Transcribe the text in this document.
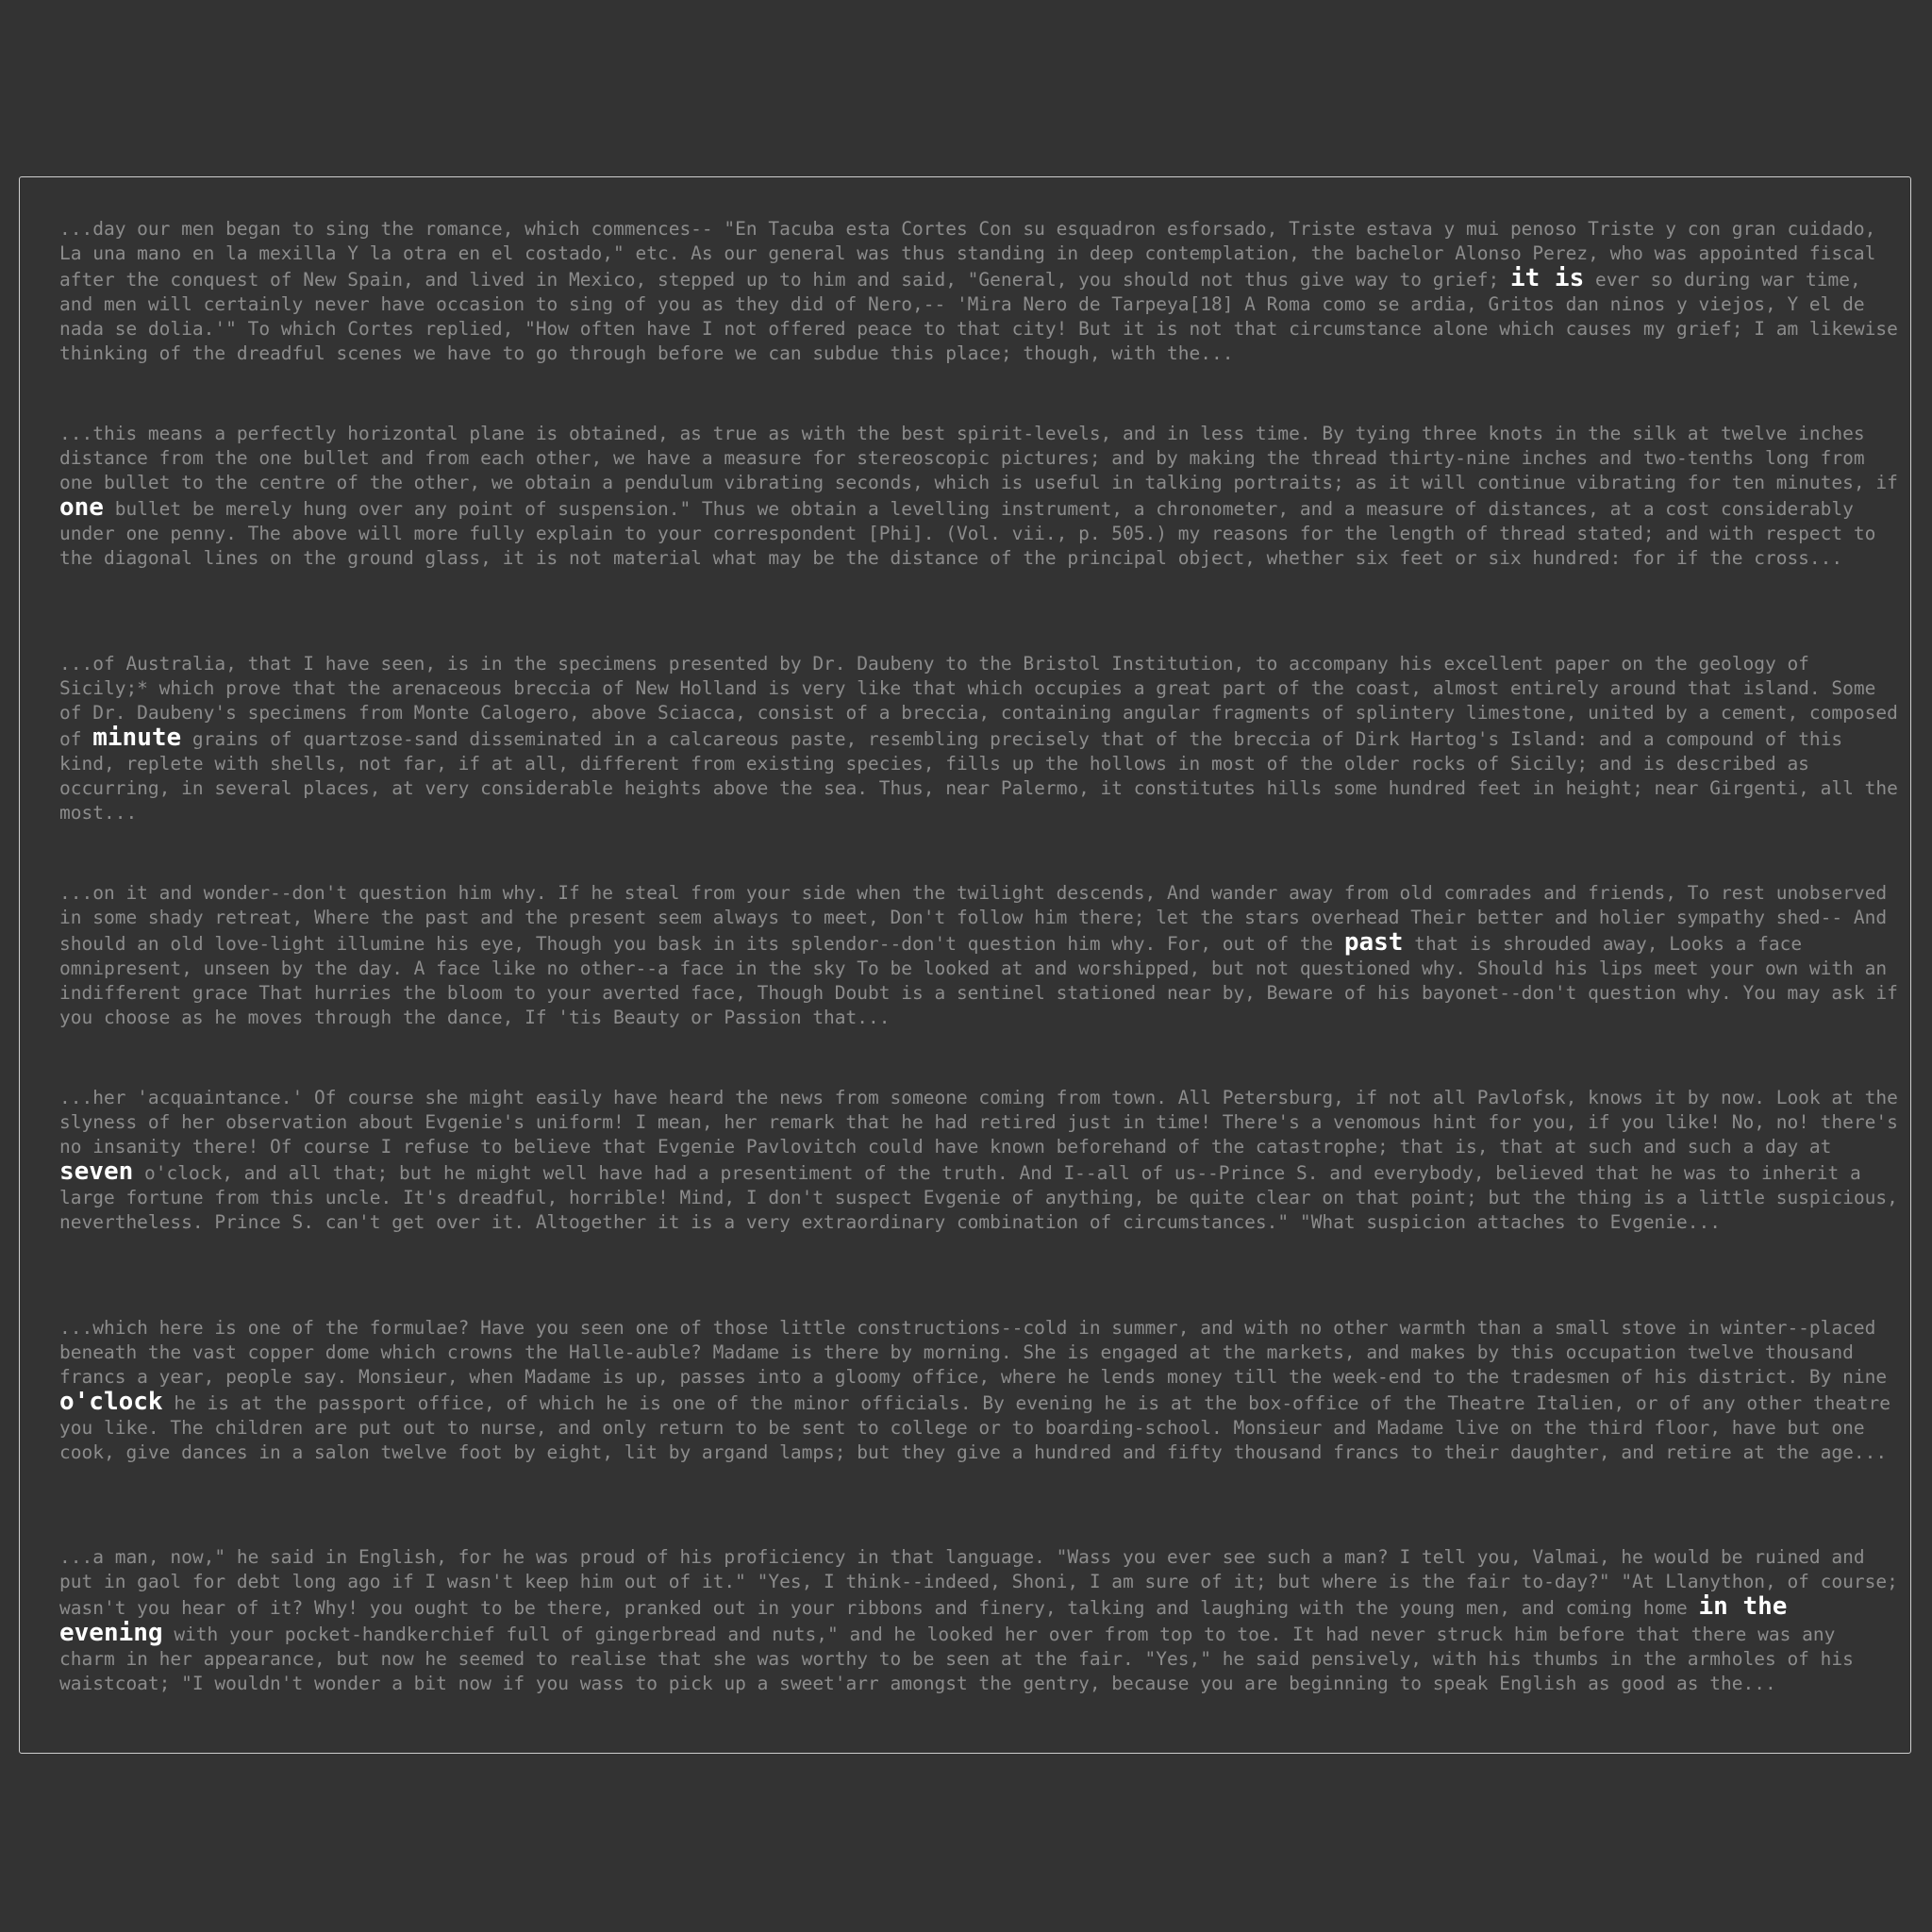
...day our men began to sing the romance, which commences-- "En Tacuba esta Cortes Con su esquadron esforsado, Triste estava y mui penoso Triste y con gran cuidado, La una mano en la mexilla Y la otra en el costado," etc. As our general was thus standing in deep contemplation, the bachelor Alonso Perez, who was appointed fiscal after the conquest of New Spain, and lived in Mexico, stepped up to him and said, "General, you should not thus give way to grief; it is ever so during war time, and men will certainly never have occasion to sing of you as they did of Nero,-- 'Mira Nero de Tarpeya[18] A Roma como se ardia, Gritos dan ninos y viejos, Y el de nada se dolia.'" To which Cortes replied, "How often have I not offered peace to that city! But it is not that circumstance alone which causes my grief; I am likewise thinking of the dreadful scenes we have to go through before we can subdue this place; though, with the...

...this means a perfectly horizontal plane is obtained, as true as with the best spirit-levels, and in less time. By tying three knots in the silk at twelve inches distance from the one bullet and from each other, we have a measure for stereoscopic pictures; and by making the thread thirty-nine inches and two-tenths long from one bullet to the centre of the other, we obtain a pendulum vibrating seconds, which is useful in talking portraits; as it will continue vibrating for ten minutes, if one bullet be merely hung over any point of suspension." Thus we obtain a levelling instrument, a chronometer, and a measure of distances, at a cost considerably under one penny. The above will more fully explain to your correspondent [Phi]. (Vol. vii., p. 505.) my reasons for the length of thread stated; and with respect to the diagonal lines on the ground glass, it is not material what may be the distance of the principal object, whether six feet or six hundred: for if the cross...

...of Australia, that I have seen, is in the specimens presented by Dr. Daubeny to the Bristol Institution, to accompany his excellent paper on the geology of Sicily;* which prove that the arenaceous breccia of New Holland is very like that which occupies a great part of the coast, almost entirely around that island. Some of Dr. Daubeny's specimens from Monte Calogero, above Sciacca, consist of a breccia, containing angular fragments of splintery limestone, united by a cement, composed of minute grains of quartzose-sand disseminated in a calcareous paste, resembling precisely that of the breccia of Dirk Hartog's Island: and a compound of this kind, replete with shells, not far, if at all, different from existing species, fills up the hollows in most of the older rocks of Sicily; and is described as occurring, in several places, at very considerable heights above the sea. Thus, near Palermo, it constitutes hills some hundred feet in height; near Girgenti, all the most...

...on it and wonder--don't question him why. If he steal from your side when the twilight descends, And wander away from old comrades and friends, To rest unobserved in some shady retreat, Where the past and the present seem always to meet, Don't follow him there; let the stars overhead Their better and holier sympathy shed-- And should an old love-light illumine his eye, Though you bask in its splendor--don't question him why. For, out of the past that is shrouded away, Looks a face omnipresent, unseen by the day. A face like no other--a face in the sky To be looked at and worshipped, but not questioned why. Should his lips meet your own with an indifferent grace That hurries the bloom to your averted face, Though Doubt is a sentinel stationed near by, Beware of his bayonet--don't question why. You may ask if you choose as he moves through the dance, If 'tis Beauty or Passion that...

...her 'acquaintance.' Of course she might easily have heard the news from someone coming from town. All Petersburg, if not all Pavlofsk, knows it by now. Look at the slyness of her observation about Evgenie's uniform! I mean, her remark that he had retired just in time! There's a venomous hint for you, if you like! No, no! there's no insanity there! Of course I refuse to believe that Evgenie Pavlovitch could have known beforehand of the catastrophe; that is, that at such and such a day at seven o'clock, and all that; but he might well have had a presentiment of the truth. And I--all of us--Prince S. and everybody, believed that he was to inherit a large fortune from this uncle. It's dreadful, horrible! Mind, I don't suspect Evgenie of anything, be quite clear on that point; but the thing is a little suspicious, nevertheless. Prince S. can't get over it. Altogether it is a very extraordinary combination of circumstances." "What suspicion attaches to Evgenie...

...which here is one of the formulae? Have you seen one of those little constructions--cold in summer, and with no other warmth than a small stove in winter--placed beneath the vast copper dome which crowns the Halle-auble? Madame is there by morning. She is engaged at the markets, and makes by this occupation twelve thousand francs a year, people say. Monsieur, when Madame is up, passes into a gloomy office, where he lends money till the week-end to the tradesmen of his district. By nine o'clock he is at the passport office, of which he is one of the minor officials. By evening he is at the box-office of the Theatre Italien, or of any other theatre you like. The children are put out to nurse, and only return to be sent to college or to boarding-school. Monsieur and Madame live on the third floor, have but one cook, give dances in a salon twelve foot by eight, lit by argand lamps; but they give a hundred and fifty thousand francs to their daughter, and retire at the age...

...a man, now," he said in English, for he was proud of his proficiency in that language. "Wass you ever see such a man? I tell you, Valmai, he would be ruined and put in gaol for debt long ago if I wasn't keep him out of it." "Yes, I think--indeed, Shoni, I am sure of it; but where is the fair to-day?" "At Llanython, of course; wasn't you hear of it? Why! you ought to be there, pranked out in your ribbons and finery, talking and laughing with the young men, and coming home in the evening with your pocket-handkerchief full of gingerbread and nuts," and he looked her over from top to toe. It had never struck him before that there was any charm in her appearance, but now he seemed to realise that she was worthy to be seen at the fair. "Yes," he said pensively, with his thumbs in the armholes of his waistcoat; "I wouldn't wonder a bit now if you wass to pick up a sweet'arr amongst the gentry, because you are beginning to speak English as good as the...
